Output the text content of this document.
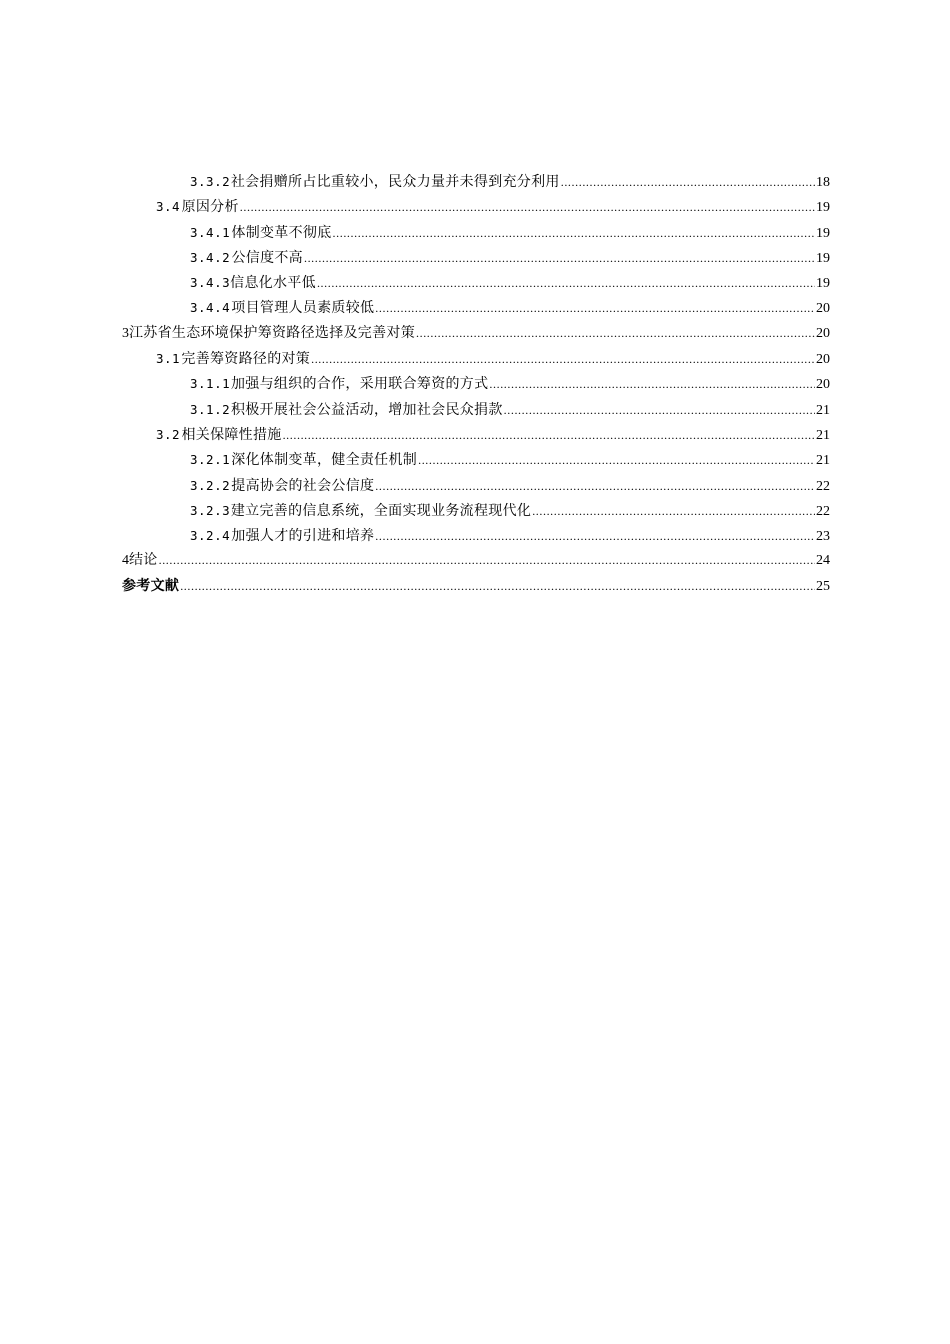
3.3.2 社会捐赠所占比重较小，民众力量并未得到充分利用 .....	18
3.4 原因分析 .....	19
3.4.1 体制变革不彻底 .....	19
3.4.2 公信度不高 .....	19
3.4.3 信息化水平低 .....	19
3.4.4 项目管理人员素质较低 .....	20
3 江苏省生态环境保护筹资路径选择及完善对策 .....	20
3.1 完善筹资路径的对策 .....	20
3.1.1 加强与组织的合作，采用联合筹资的方式 .....	20
3.1.2 积极开展社会公益活动，增加社会民众捐款 .....	21
3.2 相关保障性措施 .....	21
3.2.1 深化体制变革，健全责任机制 .....	21
3.2.2 提高协会的社会公信度 .....	22
3.2.3 建立完善的信息系统，全面实现业务流程现代化 .....	22
3.2.4 加强人才的引进和培养 .....	23
4 结论 .....	24
参考文献 .....	25
